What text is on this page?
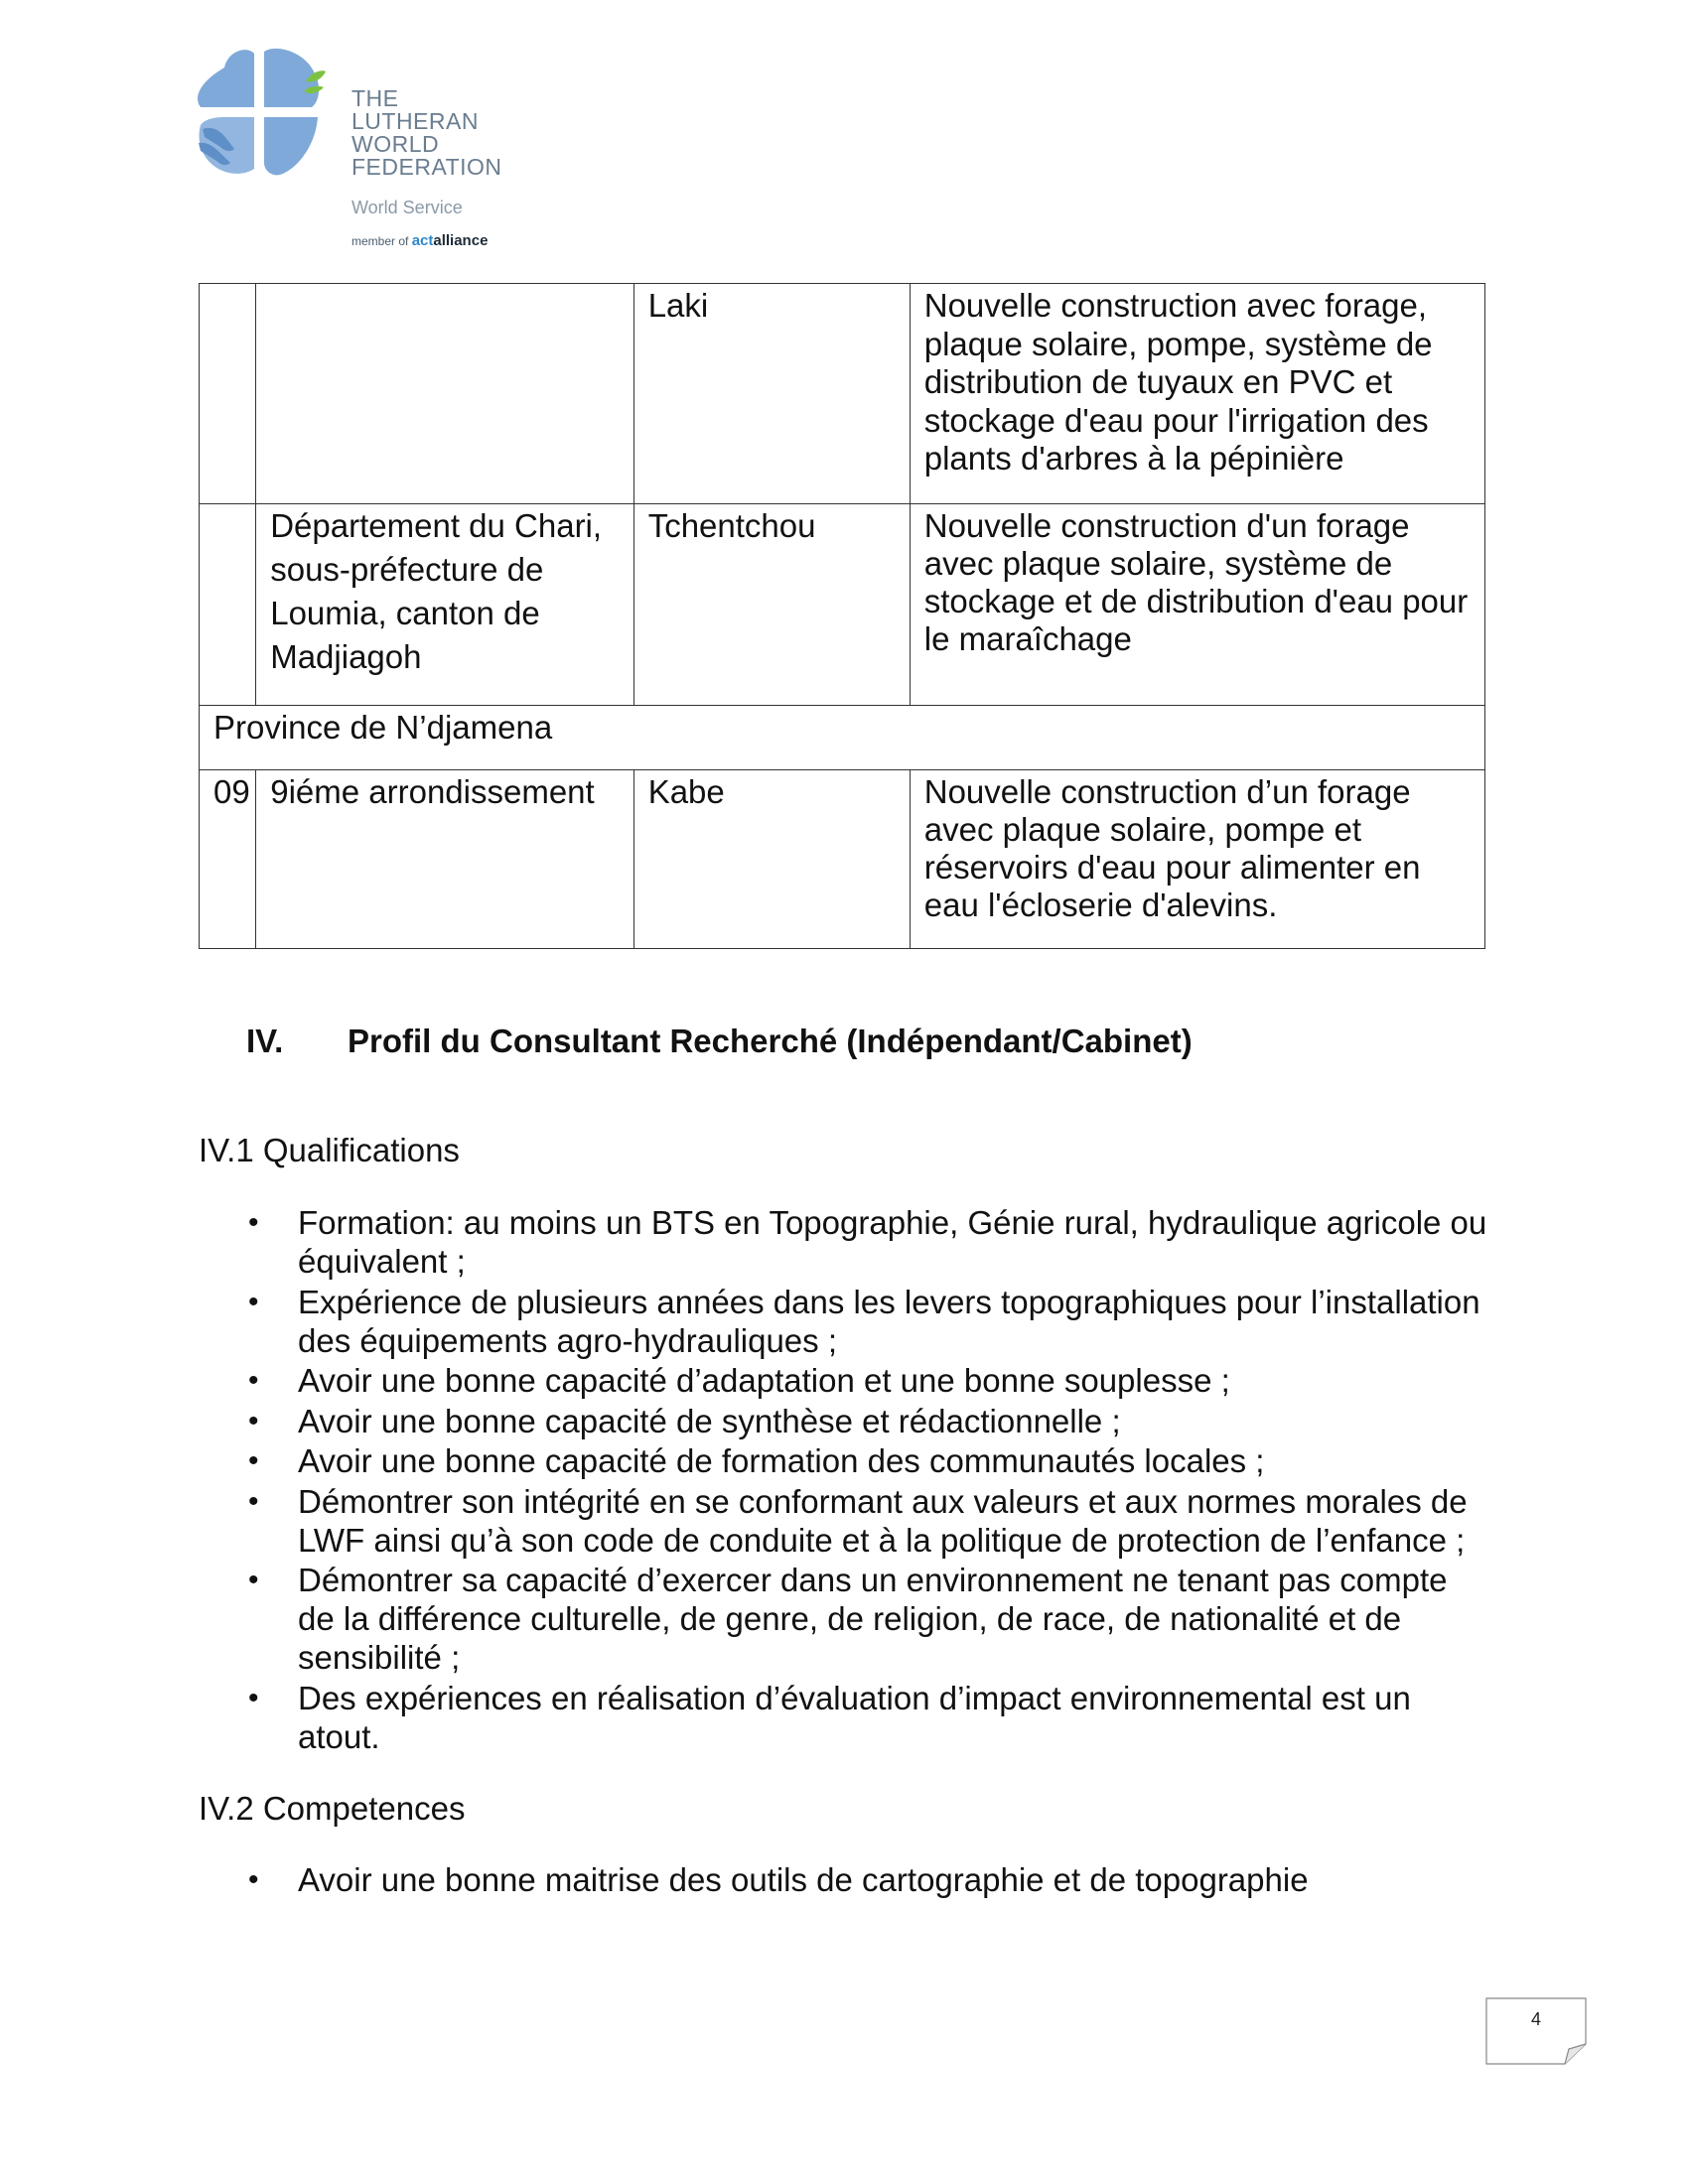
THE
LUTHERAN
WORLD
FEDERATION
World Service
member of actalliance
		Laki	Nouvelle construction avec forage, plaque solaire, pompe, système de distribution de tuyaux en PVC et stockage d'eau pour l'irrigation des plants d'arbres à la pépinière
	Département du Chari, sous-préfecture de Loumia, canton de Madjiagoh	Tchentchou	Nouvelle construction d'un forage avec plaque solaire, système de stockage et de distribution d'eau pour le maraîchage
Province de N’djamena			
09	9iéme arrondissement	Kabe	Nouvelle construction d’un forage avec plaque solaire, pompe et réservoirs d'eau pour alimenter en eau l'écloserie d'alevins.
IV. Profil du Consultant Recherché (Indépendant/Cabinet)
IV.1 Qualifications
• Formation: au moins un BTS en Topographie, Génie rural, hydraulique agricole ou équivalent ;
• Expérience de plusieurs années dans les levers topographiques pour l’installation des équipements agro-hydrauliques ;
• Avoir une bonne capacité d’adaptation et une bonne souplesse ;
• Avoir une bonne capacité de synthèse et rédactionnelle ;
• Avoir une bonne capacité de formation des communautés locales ;
• Démontrer son intégrité en se conformant aux valeurs et aux normes morales de LWF ainsi qu’à son code de conduite et à la politique de protection de l’enfance ;
• Démontrer sa capacité d’exercer dans un environnement ne tenant pas compte de la différence culturelle, de genre, de religion, de race, de nationalité et de sensibilité ;
• Des expériences en réalisation d’évaluation d’impact environnemental est un atout.
IV.2 Competences
• Avoir une bonne maitrise des outils de cartographie et de topographie
4
